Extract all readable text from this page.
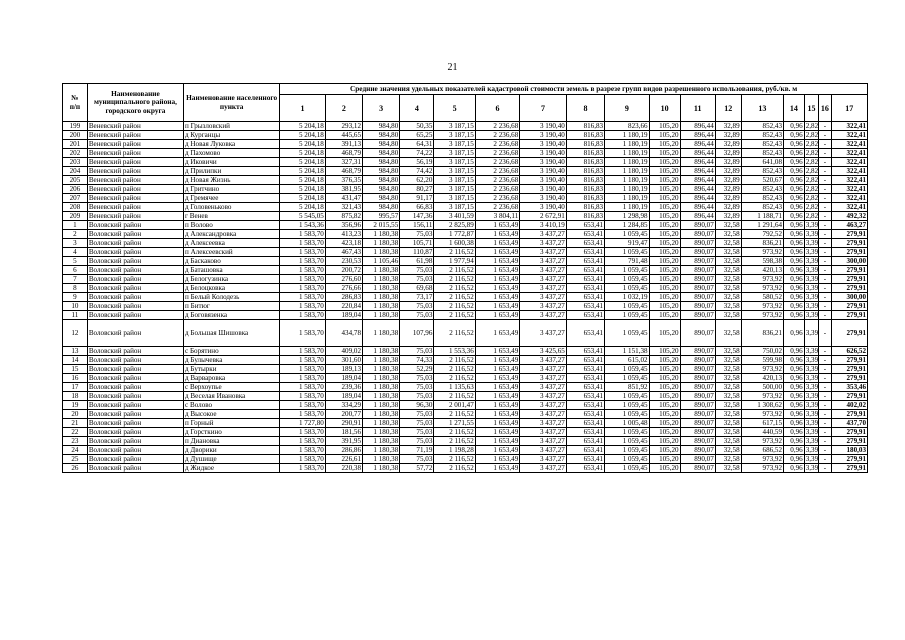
21
№
п/п	Наименование муниципального района, городского округа	Наименование населенного пункта	Средние значения удельных показателей кадастровой стоимости земель в разрезе групп видов разрешенного использования, руб./кв. м																
			1	2	3	4	5	6	7	8	9	10	11	12	13	14	15	16	17
199	Веневский район	п Грызловский	5 204,18	293,12	984,80	50,35	3 187,15	2 236,68	3 190,40	816,83	823,66	105,20	896,44	32,89	852,43	0,96	2,82	-	322,41
200	Веневский район	д Курганцы	5 204,18	445,65	984,80	65,25	3 187,15	2 236,68	3 190,40	816,83	1 180,19	105,20	896,44	32,89	852,43	0,96	2,82	-	322,41
201	Веневский район	д Новая Луковка	5 204,18	391,13	984,80	64,31	3 187,15	2 236,68	3 190,40	816,83	1 180,19	105,20	896,44	32,89	852,43	0,96	2,82	-	322,41
202	Веневский район	д Пахомово	5 204,18	468,79	984,80	74,22	3 187,15	2 236,68	3 190,40	816,83	1 180,19	105,20	896,44	32,89	852,43	0,96	2,82	-	322,41
203	Веневский район	д Иковичи	5 204,18	327,31	984,80	56,19	3 187,15	2 236,68	3 190,40	816,83	1 180,19	105,20	896,44	32,89	641,08	0,96	2,82	-	322,41
204	Веневский район	д Прилипки	5 204,18	468,79	984,80	74,42	3 187,15	2 236,68	3 190,40	816,83	1 180,19	105,20	896,44	32,89	852,43	0,96	2,82	-	322,41
205	Веневский район	д Новая Жизнь	5 204,18	376,35	984,80	62,20	3 187,15	2 236,68	3 190,40	816,83	1 180,19	105,20	896,44	32,89	520,67	0,96	2,82	-	322,41
206	Веневский район	д Гритчино	5 204,18	381,95	984,80	80,27	3 187,15	2 236,68	3 190,40	816,83	1 180,19	105,20	896,44	32,89	852,43	0,96	2,82	-	322,41
207	Веневский район	д Гремячее	5 204,18	431,47	984,80	91,17	3 187,15	2 236,68	3 190,40	816,83	1 180,19	105,20	896,44	32,89	852,43	0,96	2,82	-	322,41
208	Веневский район	д Головеньково	5 204,18	321,43	984,80	66,83	3 187,15	2 236,68	3 190,40	816,83	1 180,19	105,20	896,44	32,89	852,43	0,96	2,82	-	322,41
209	Веневский район	г Венев	5 545,05	875,82	995,57	147,36	3 401,59	3 804,11	2 672,91	816,83	1 298,98	105,20	896,44	32,89	1 188,71	0,96	2,82	-	492,32
1	Воловский район	п Волово	1 543,36	356,96	2 015,55	156,11	2 825,89	1 653,49	3 410,19	653,41	1 284,85	105,20	890,07	32,58	1 291,64	0,96	3,39	-	463,27
2	Воловский район	д Александровка	1 583,70	413,23	1 180,38	75,03	1 772,87	1 653,49	3 437,27	653,41	1 059,45	105,20	890,07	32,58	792,52	0,96	3,39	-	279,91
3	Воловский район	д Алексеевка	1 583,70	423,18	1 180,38	105,71	1 600,38	1 653,49	3 437,27	653,41	919,47	105,20	890,07	32,58	836,21	0,96	3,39	-	279,91
4	Воловский район	п Алексеевский	1 583,70	467,43	1 180,38	110,87	2 116,52	1 653,49	3 437,27	653,41	1 059,45	105,20	890,07	32,58	973,92	0,96	3,39	-	279,91
5	Воловский район	д Баскаково	1 583,70	230,53	1 105,46	61,98	1 977,94	1 653,49	3 437,27	653,41	791,48	105,20	890,07	32,58	598,38	0,96	3,39	-	300,00
6	Воловский район	д Баташовка	1 583,70	200,72	1 180,38	75,03	2 116,52	1 653,49	3 437,27	653,41	1 059,45	105,20	890,07	32,58	420,13	0,96	3,39	-	279,91
7	Воловский район	д Белогузинка	1 583,70	276,60	1 180,38	75,03	2 116,52	1 653,49	3 437,27	653,41	1 059,45	105,20	890,07	32,58	973,92	0,96	3,39	-	279,91
8	Воловский район	д Белоцковка	1 583,70	276,66	1 180,38	69,68	2 116,52	1 653,49	3 437,27	653,41	1 059,45	105,20	890,07	32,58	973,92	0,96	3,39	-	279,91
9	Воловский район	п Белый Колодезь	1 583,70	286,83	1 180,38	73,17	2 116,52	1 653,49	3 437,27	653,41	1 032,19	105,20	890,07	32,58	580,52	0,96	3,39	-	300,00
10	Воловский район	п Битюг	1 583,70	220,84	1 180,38	75,03	2 116,52	1 653,49	3 437,27	653,41	1 059,45	105,20	890,07	32,58	973,92	0,96	3,39	-	279,91
11	Воловский район	д Боговязенка	1 583,70	189,04	1 180,38	75,03	2 116,52	1 653,49	3 437,27	653,41	1 059,45	105,20	890,07	32,58	973,92	0,96	3,39	-	279,91
12	Воловский район	д Большая Шишовка	1 583,70	434,78	1 180,38	107,96	2 116,52	1 653,49	3 437,27	653,41	1 059,45	105,20	890,07	32,58	836,21	0,96	3,39	-	279,91
13	Воловский район	с Борятино	1 583,70	409,02	1 180,38	75,03	1 553,36	1 653,49	3 425,65	653,41	1 151,38	105,20	890,07	32,58	750,02	0,96	3,39	-	626,52
14	Воловский район	д Булычевка	1 583,70	301,60	1 180,38	74,33	2 116,52	1 653,49	3 437,27	653,41	615,02	105,20	890,07	32,58	599,98	0,96	3,39	-	279,91
15	Воловский район	д Бутырки	1 583,70	189,13	1 180,38	52,29	2 116,52	1 653,49	3 437,27	653,41	1 059,45	105,20	890,07	32,58	973,92	0,96	3,39	-	279,91
16	Воловский район	д Варваровка	1 583,70	189,04	1 180,38	75,03	2 116,52	1 653,49	3 437,27	653,41	1 059,45	105,20	890,07	32,58	420,13	0,96	3,39	-	279,91
17	Воловский район	с Верхоупье	1 583,70	239,36	1 180,38	75,03	1 135,63	1 653,49	3 437,27	653,41	851,92	105,20	890,07	32,58	500,00	0,96	3,39	-	353,46
18	Воловский район	д Веселая Ивановка	1 583,70	189,04	1 180,38	75,03	2 116,52	1 653,49	3 437,27	653,41	1 059,45	105,20	890,07	32,58	973,92	0,96	3,39	-	279,91
19	Воловский район	с Волово	1 583,70	334,29	1 180,38	96,30	2 001,47	1 653,49	3 437,27	653,41	1 059,45	105,20	890,07	32,58	1 308,62	0,96	3,39	-	402,02
20	Воловский район	д Высокое	1 583,70	200,77	1 180,38	75,03	2 116,52	1 653,49	3 437,27	653,41	1 059,45	105,20	890,07	32,58	973,92	0,96	3,39	-	279,91
21	Воловский район	п Горный	1 727,80	290,91	1 180,38	75,03	1 271,55	1 653,49	3 437,27	653,41	1 005,48	105,20	890,07	32,58	617,15	0,96	3,39	-	437,70
22	Воловский район	д Горсткино	1 583,70	181,56	1 180,38	75,03	2 116,52	1 653,49	3 437,27	653,41	1 059,45	105,20	890,07	32,58	440,59	0,96	3,39	-	279,91
23	Воловский район	п Диановка	1 583,70	391,95	1 180,38	75,03	2 116,52	1 653,49	3 437,27	653,41	1 059,45	105,20	890,07	32,58	973,92	0,96	3,39	-	279,91
24	Воловский район	д Дворики	1 583,70	286,86	1 180,38	71,19	1 198,28	1 653,49	3 437,27	653,41	1 059,45	105,20	890,07	32,58	686,52	0,96	3,39	-	180,03
25	Воловский район	д Душище	1 583,70	226,61	1 180,38	75,03	2 116,52	1 653,49	3 437,27	653,41	1 059,45	105,20	890,07	32,58	973,92	0,96	3,39	-	279,91
26	Воловский район	д Жидкое	1 583,70	220,38	1 180,38	57,72	2 116,52	1 653,49	3 437,27	653,41	1 059,45	105,20	890,07	32,58	973,92	0,96	3,39	-	279,91
